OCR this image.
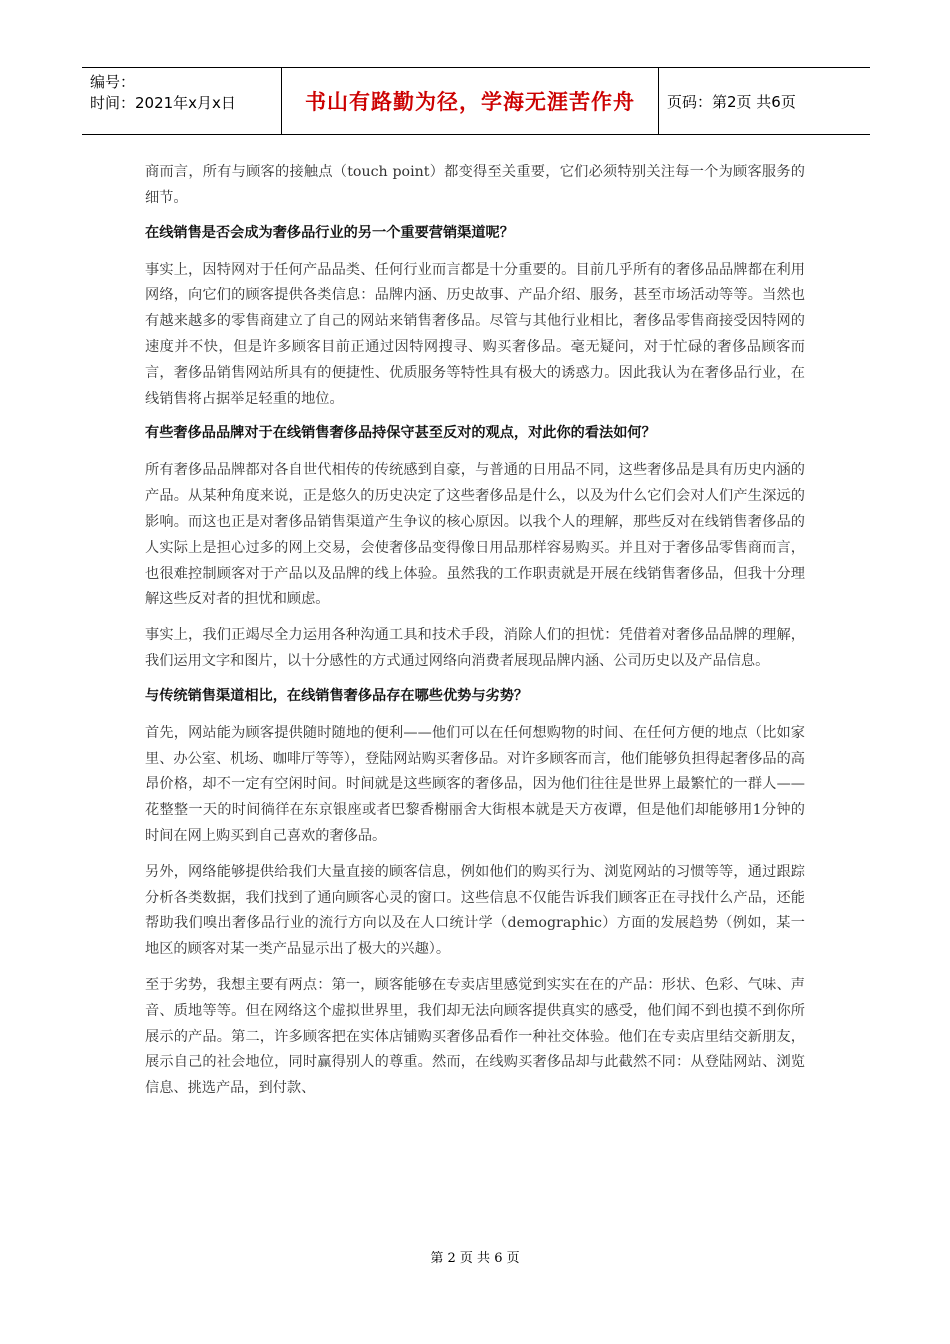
编号：
时间：2021年x月x日	书山有路勤为径，学海无涯苦作舟	页码：第2页 共6页

商而言，所有与顾客的接触点（touch point）都变得至关重要，它们必须特别关注每一个为顾客服务的细节。

在线销售是否会成为奢侈品行业的另一个重要营销渠道呢？

事实上，因特网对于任何产品品类、任何行业而言都是十分重要的。目前几乎所有的奢侈品品牌都在利用网络，向它们的顾客提供各类信息：品牌内涵、历史故事、产品介绍、服务，甚至市场活动等等。当然也有越来越多的零售商建立了自己的网站来销售奢侈品。尽管与其他行业相比，奢侈品零售商接受因特网的速度并不快，但是许多顾客目前正通过因特网搜寻、购买奢侈品。毫无疑问，对于忙碌的奢侈品顾客而言，奢侈品销售网站所具有的便捷性、优质服务等特性具有极大的诱惑力。因此我认为在奢侈品行业，在线销售将占据举足轻重的地位。

有些奢侈品品牌对于在线销售奢侈品持保守甚至反对的观点，对此你的看法如何？

所有奢侈品品牌都对各自世代相传的传统感到自豪，与普通的日用品不同，这些奢侈品是具有历史内涵的产品。从某种角度来说，正是悠久的历史决定了这些奢侈品是什么，以及为什么它们会对人们产生深远的影响。而这也正是对奢侈品销售渠道产生争议的核心原因。以我个人的理解，那些反对在线销售奢侈品的人实际上是担心过多的网上交易，会使奢侈品变得像日用品那样容易购买。并且对于奢侈品零售商而言，也很难控制顾客对于产品以及品牌的线上体验。虽然我的工作职责就是开展在线销售奢侈品，但我十分理解这些反对者的担忧和顾虑。

事实上，我们正竭尽全力运用各种沟通工具和技术手段，消除人们的担忧：凭借着对奢侈品品牌的理解，我们运用文字和图片，以十分感性的方式通过网络向消费者展现品牌内涵、公司历史以及产品信息。

与传统销售渠道相比，在线销售奢侈品存在哪些优势与劣势？

首先，网站能为顾客提供随时随地的便利——他们可以在任何想购物的时间、在任何方便的地点（比如家里、办公室、机场、咖啡厅等等），登陆网站购买奢侈品。对许多顾客而言，他们能够负担得起奢侈品的高昂价格，却不一定有空闲时间。时间就是这些顾客的奢侈品，因为他们往往是世界上最繁忙的一群人——花整整一天的时间徜徉在东京银座或者巴黎香榭丽舍大街根本就是天方夜谭，但是他们却能够用1分钟的时间在网上购买到自己喜欢的奢侈品。

另外，网络能够提供给我们大量直接的顾客信息，例如他们的购买行为、浏览网站的习惯等等，通过跟踪分析各类数据，我们找到了通向顾客心灵的窗口。这些信息不仅能告诉我们顾客正在寻找什么产品，还能帮助我们嗅出奢侈品行业的流行方向以及在人口统计学（demographic）方面的发展趋势（例如，某一地区的顾客对某一类产品显示出了极大的兴趣）。

至于劣势，我想主要有两点：第一，顾客能够在专卖店里感觉到实实在在的产品：形状、色彩、气味、声音、质地等等。但在网络这个虚拟世界里，我们却无法向顾客提供真实的感受，他们闻不到也摸不到你所展示的产品。第二，许多顾客把在实体店铺购买奢侈品看作一种社交体验。他们在专卖店里结交新朋友，展示自己的社会地位，同时赢得别人的尊重。然而，在线购买奢侈品却与此截然不同：从登陆网站、浏览信息、挑选产品，到付款、

第 2 页 共 6 页
